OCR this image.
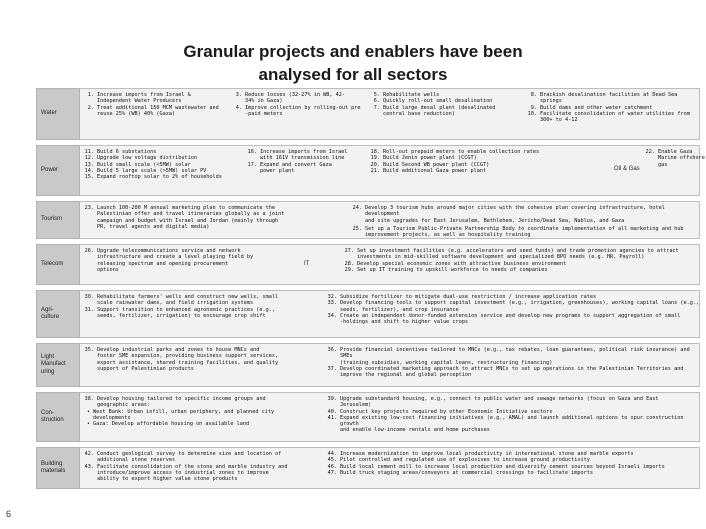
Granular projects and enablers have been
analysed for all sectors
Water
1. Increase imports from Israel &
Independent Water Producers
2. Treat additional 150 MCM wastewater and
reuse 25% (WB) 40% (Gaza)
3. Reduce losses (32-27% in WB, 42-
34% in Gaza)
4. Improve collection by rolling-out pre
-paid meters
5. Rehabilitate wells
6. Quickly roll-out small desalination
7. Build large desal plant (desalinated
central base reduction)
8. Brackish desalination facilities at Dead Sea
springs
9. Build dams and other water catchment
10. Facilitate consolidation of water utilities from
300+ to 4-12
Power
11. Build 6 substations
12. Upgrade low voltage distribution
13. Build small scale (<5MW) solar
14. Build 5 large scale (>5MW) solar PV
15. Expand rooftop solar to 2% of households
16. Increase imports from Israel
with 161V transmission line
17. Expand and convert Gaza
power plant
18. Roll-out prepaid meters to enable collection rates
19. Build Jenin power plant (CCGT)
20. Build Second WB power plant (CCGT)
21. Build additional Gaza power plant	Oil & Gas
22. Enable Gaza
Marine offshore
gas
Tourism
23. Launch 100-200 M annual marketing plan to communicate the
Palestinian offer and travel itineraries globally as a joint
campaign and budget with Israel and Jordan (mainly through
PR, travel agents and digital media)
24. Develop 3 tourism hubs around major cities with the cohesive plan covering infrastructure, hotel development
and site upgrades for East Jerusalem, Bethlehem, Jericho/Dead Sea, Nablus, and Gaza
25. Set up a Tourism Public-Private Partnership Body to coordinate implementation of all marketing and hub
improvement projects, as well as hospitality training
Telecom
26. Upgrade telecommunications service and network
infrastructure and create a level playing field by
releasing spectrum and opening procurement
options
IT
27. Set up investment facilities (e.g. accelerators and seed funds) and trade promotion agencies to attract
investments in mid-skilled software development and specialized BPO needs (e.g. HR, Payroll)
28. Develop special economic zones with attractive business environment
29. Set up IT training to upskill workforce to needs of companies
Agri-
culture
30. Rehabilitate farmers' wells and construct new wells, small
scale rainwater dams, and field irrigation systems
31. Support transition to enhanced agronomic practices (e.g.,
seeds, fertilizer, irrigation) to encourage crop shift
32. Subsidize fertilizer to mitigate dual-use restriction / increase application rates
33. Develop financing tools to support capital investment (e.g., irrigation, greenhouses), working capital loans (e.g.,
seeds, fertilizer), and crop insurance
34. Create an independent donor-funded extension service and develop new programs to support aggregation of small
-holdings and shift to higher value crops
Light
Manufact
uring
35. Develop industrial parks and zones to house MNCs and
foster SME expansion, providing business support services,
export assistance, shared training facilities, and quality
support of Palestinian products
36. Provide financial incentives tailored to MNCs (e.g., tax rebates, loan guarantees, political risk insurance) and SMEs
(training subsidies, working capital loans, restructuring financing)
37. Develop coordinated marketing approach to attract MNCs to set up operations in the Palestinian Territories and
improve the regional and global perception
Con-
struction
38. Develop housing tailored to specific income groups and
geographic areas:
• West Bank: Urban infill, urban periphery, and planned city
developments
• Gaza: Develop affordable housing on available land
39. Upgrade substandard housing, e.g., connect to public water and sewage networks (focus on Gaza and East
Jerusalem)
40. Construct key projects required by other Economic Initiative sectors
41. Expand existing low-cost financing initiatives (e.g., AMAL) and launch additional options to spur construction growth
and enable low-income rentals and home purchases
Building
materials
42. Conduct geological survey to determine size and location of
additional stone reserves
43. Facilitate consolidation of the stone and marble industry and
introduce/improve access to industrial zones to improve
ability to export higher value stone products
44. Increase modernization to improve local productivity in international stone and marble exports
45. Pilot controlled and regulated use of explosives to increase ground productivity
46. Build local cement mill to increase local production and diversify cement sources beyond Israeli imports
47. Build truck staging areas/conveyors at commercial crossings to facilitate imports
6
